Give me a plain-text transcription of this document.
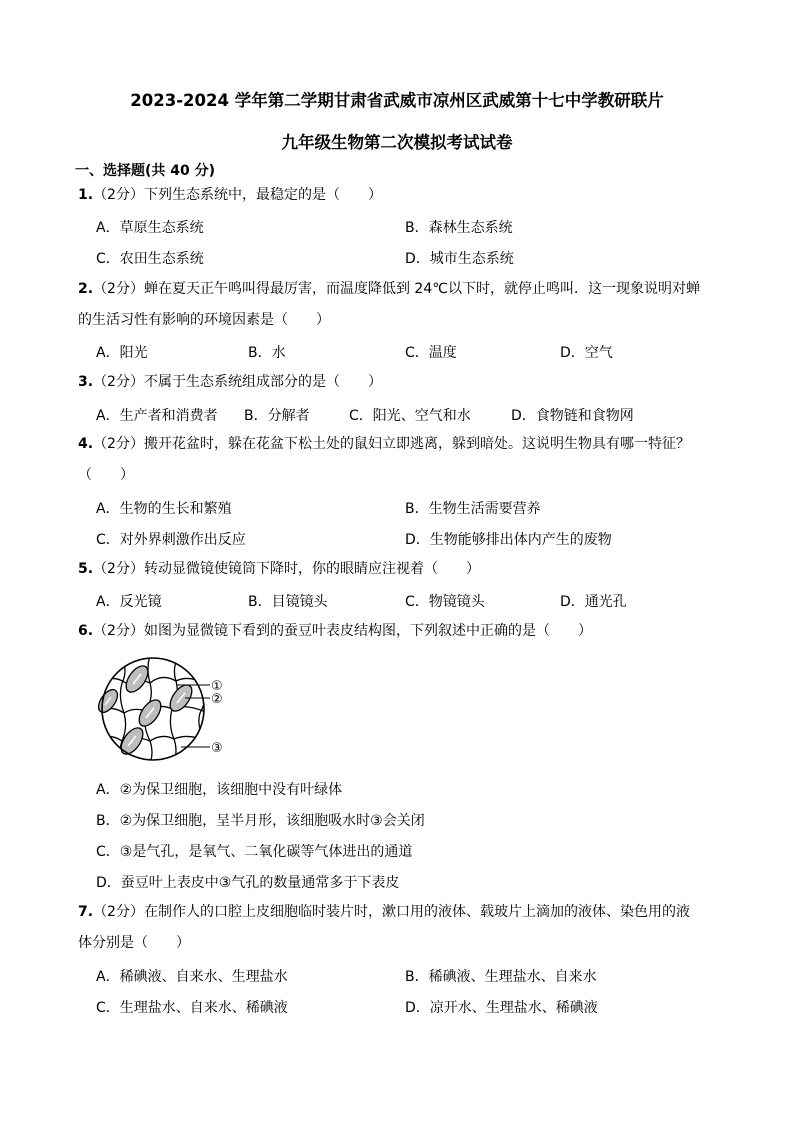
2023-2024 学年第二学期甘肃省武威市凉州区武威第十七中学教研联片
九年级生物第二次模拟考试试卷
一、选择题(共 40 分)
1.（2分）下列生态系统中，最稳定的是（　　）
A．草原生态系统	B．森林生态系统
C．农田生态系统	D．城市生态系统
2.（2分）蝉在夏天正午鸣叫得最厉害，而温度降低到 24℃以下时，就停止鸣叫．这一现象说明对蝉
的生活习性有影响的环境因素是（　　）
A．阳光	B．水	C．温度	D．空气
3.（2分）不属于生态系统组成部分的是（　　）
A．生产者和消费者 B．分解者	C．阳光、空气和水	D．食物链和食物网
4.（2分）搬开花盆时，躲在花盆下松土处的鼠妇立即逃离，躲到暗处。这说明生物具有哪一特征？
（　　）
A．生物的生长和繁殖	B．生物生活需要营养
C．对外界刺激作出反应	D．生物能够排出体内产生的废物
5.（2分）转动显微镜使镜筒下降时，你的眼睛应注视着（　　）
A．反光镜	B．目镜镜头	C．物镜镜头	D．通光孔
6.（2分）如图为显微镜下看到的蚕豆叶表皮结构图，下列叙述中正确的是（　　）
①
②
③
A．②为保卫细胞，该细胞中没有叶绿体
B．②为保卫细胞，呈半月形，该细胞吸水时③会关闭
C．③是气孔，是氧气、二氧化碳等气体进出的通道
D．蚕豆叶上表皮中③气孔的数量通常多于下表皮
7.（2分）在制作人的口腔上皮细胞临时装片时，漱口用的液体、载玻片上滴加的液体、染色用的液
体分别是（　　）
A．稀碘液、自来水、生理盐水	B．稀碘液、生理盐水、自来水
C．生理盐水、自来水、稀碘液	D．凉开水、生理盐水、稀碘液
